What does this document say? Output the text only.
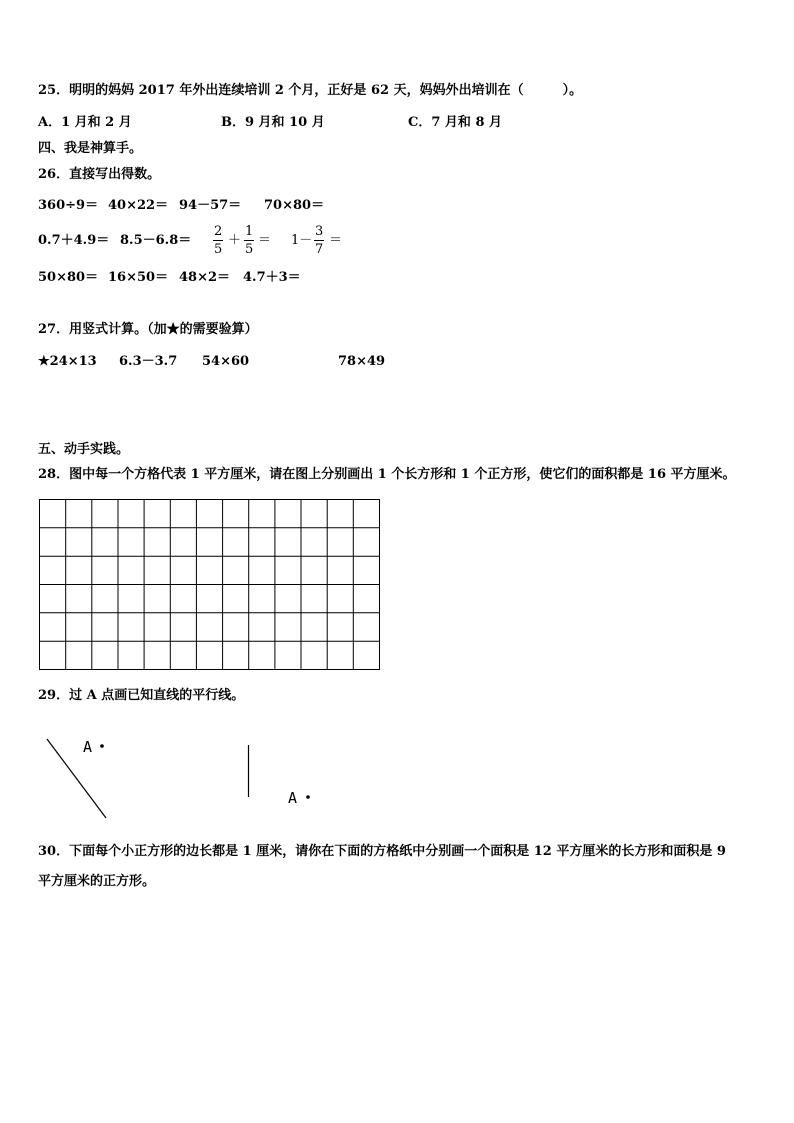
25．明明的妈妈 2017 年外出连续培训 2 个月，正好是 62 天，妈妈外出培训在（　　　）。
A．1 月和 2 月	B．9 月和 10 月	C．7 月和 8 月
四、我是神算手。
26．直接写出得数。
360÷9＝ 40×22＝ 94－57＝ 70×80＝
0.7＋4.9＝ 8.5－6.8＝
2
5
＋
1
5
＝ 1－
3
7
＝
50×80＝ 16×50＝ 48×2＝ 4.7＋3＝
27．用竖式计算。（加★的需要验算）
★24×13 6.3－3.7 54×60	78×49
五、动手实践。
28．图中每一个方格代表 1 平方厘米，请在图上分别画出 1 个长方形和 1 个正方形，使它们的面积都是 16 平方厘米。
29．过 A 点画已知直线的平行线。
A
A
30．下面每个小正方形的边长都是 1 厘米，请你在下面的方格纸中分别画一个面积是 12 平方厘米的长方形和面积是 9
平方厘米的正方形。
